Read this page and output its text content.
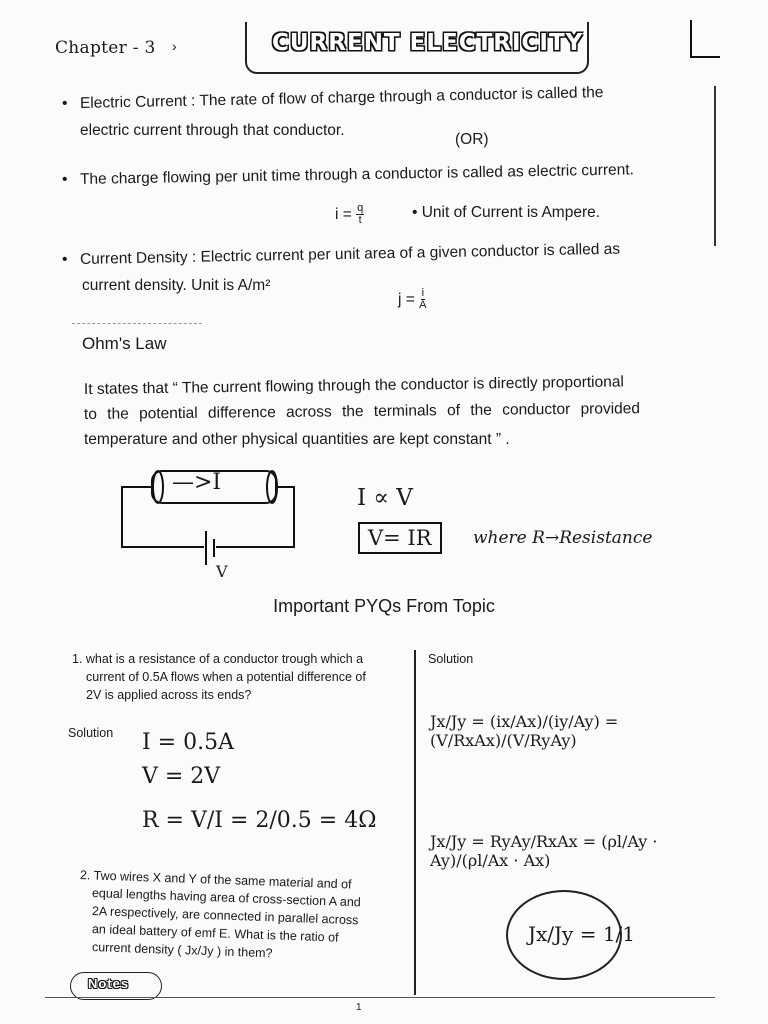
Chapter - 3 ›	CURRENT ELECTRICITY
• Electric Current : The rate of flow of charge through a conductor is called the
electric current through that conductor.
(OR)
• The charge flowing per unit time through a conductor is called as electric current.
$i = \frac{q}{t}$	• Unit of Current is Ampere.
• Current Density : Electric current per unit area of a given conductor is called as
current density. Unit is A/m²
$j = \frac{i}{A}$
Ohm's Law
It states that “ The current flowing through the conductor is directly proportional
to the potential difference across the terminals of the conductor provided
temperature and other physical quantities are kept constant ” .
—>I
V
I ∝ V
V= IR	where R→Resistance
Important PYQs From Topic
1. what is a resistance of a conductor trough which a
current of 0.5A flows when a potential difference of
2V is applied across its ends?
Solution I = 0.5A
V = 2V
R = V/I = 2/0.5 = 4Ω
2. Two wires X and Y of the same material and of
equal lengths having area of cross-section A and
2A respectively, are connected in parallel across
an ideal battery of emf E. What is the ratio of
current density ( Jx/Jy ) in them?
Solution
Jx/Jy = (ix/Ax)/(iy/Ay) = (V/RxAx)/(V/RyAy)
Jx/Jy = RyAy/RxAx = (ρl/Ay · Ay)/(ρl/Ax · Ax)
Jx/Jy = 1/1
Notes
1
